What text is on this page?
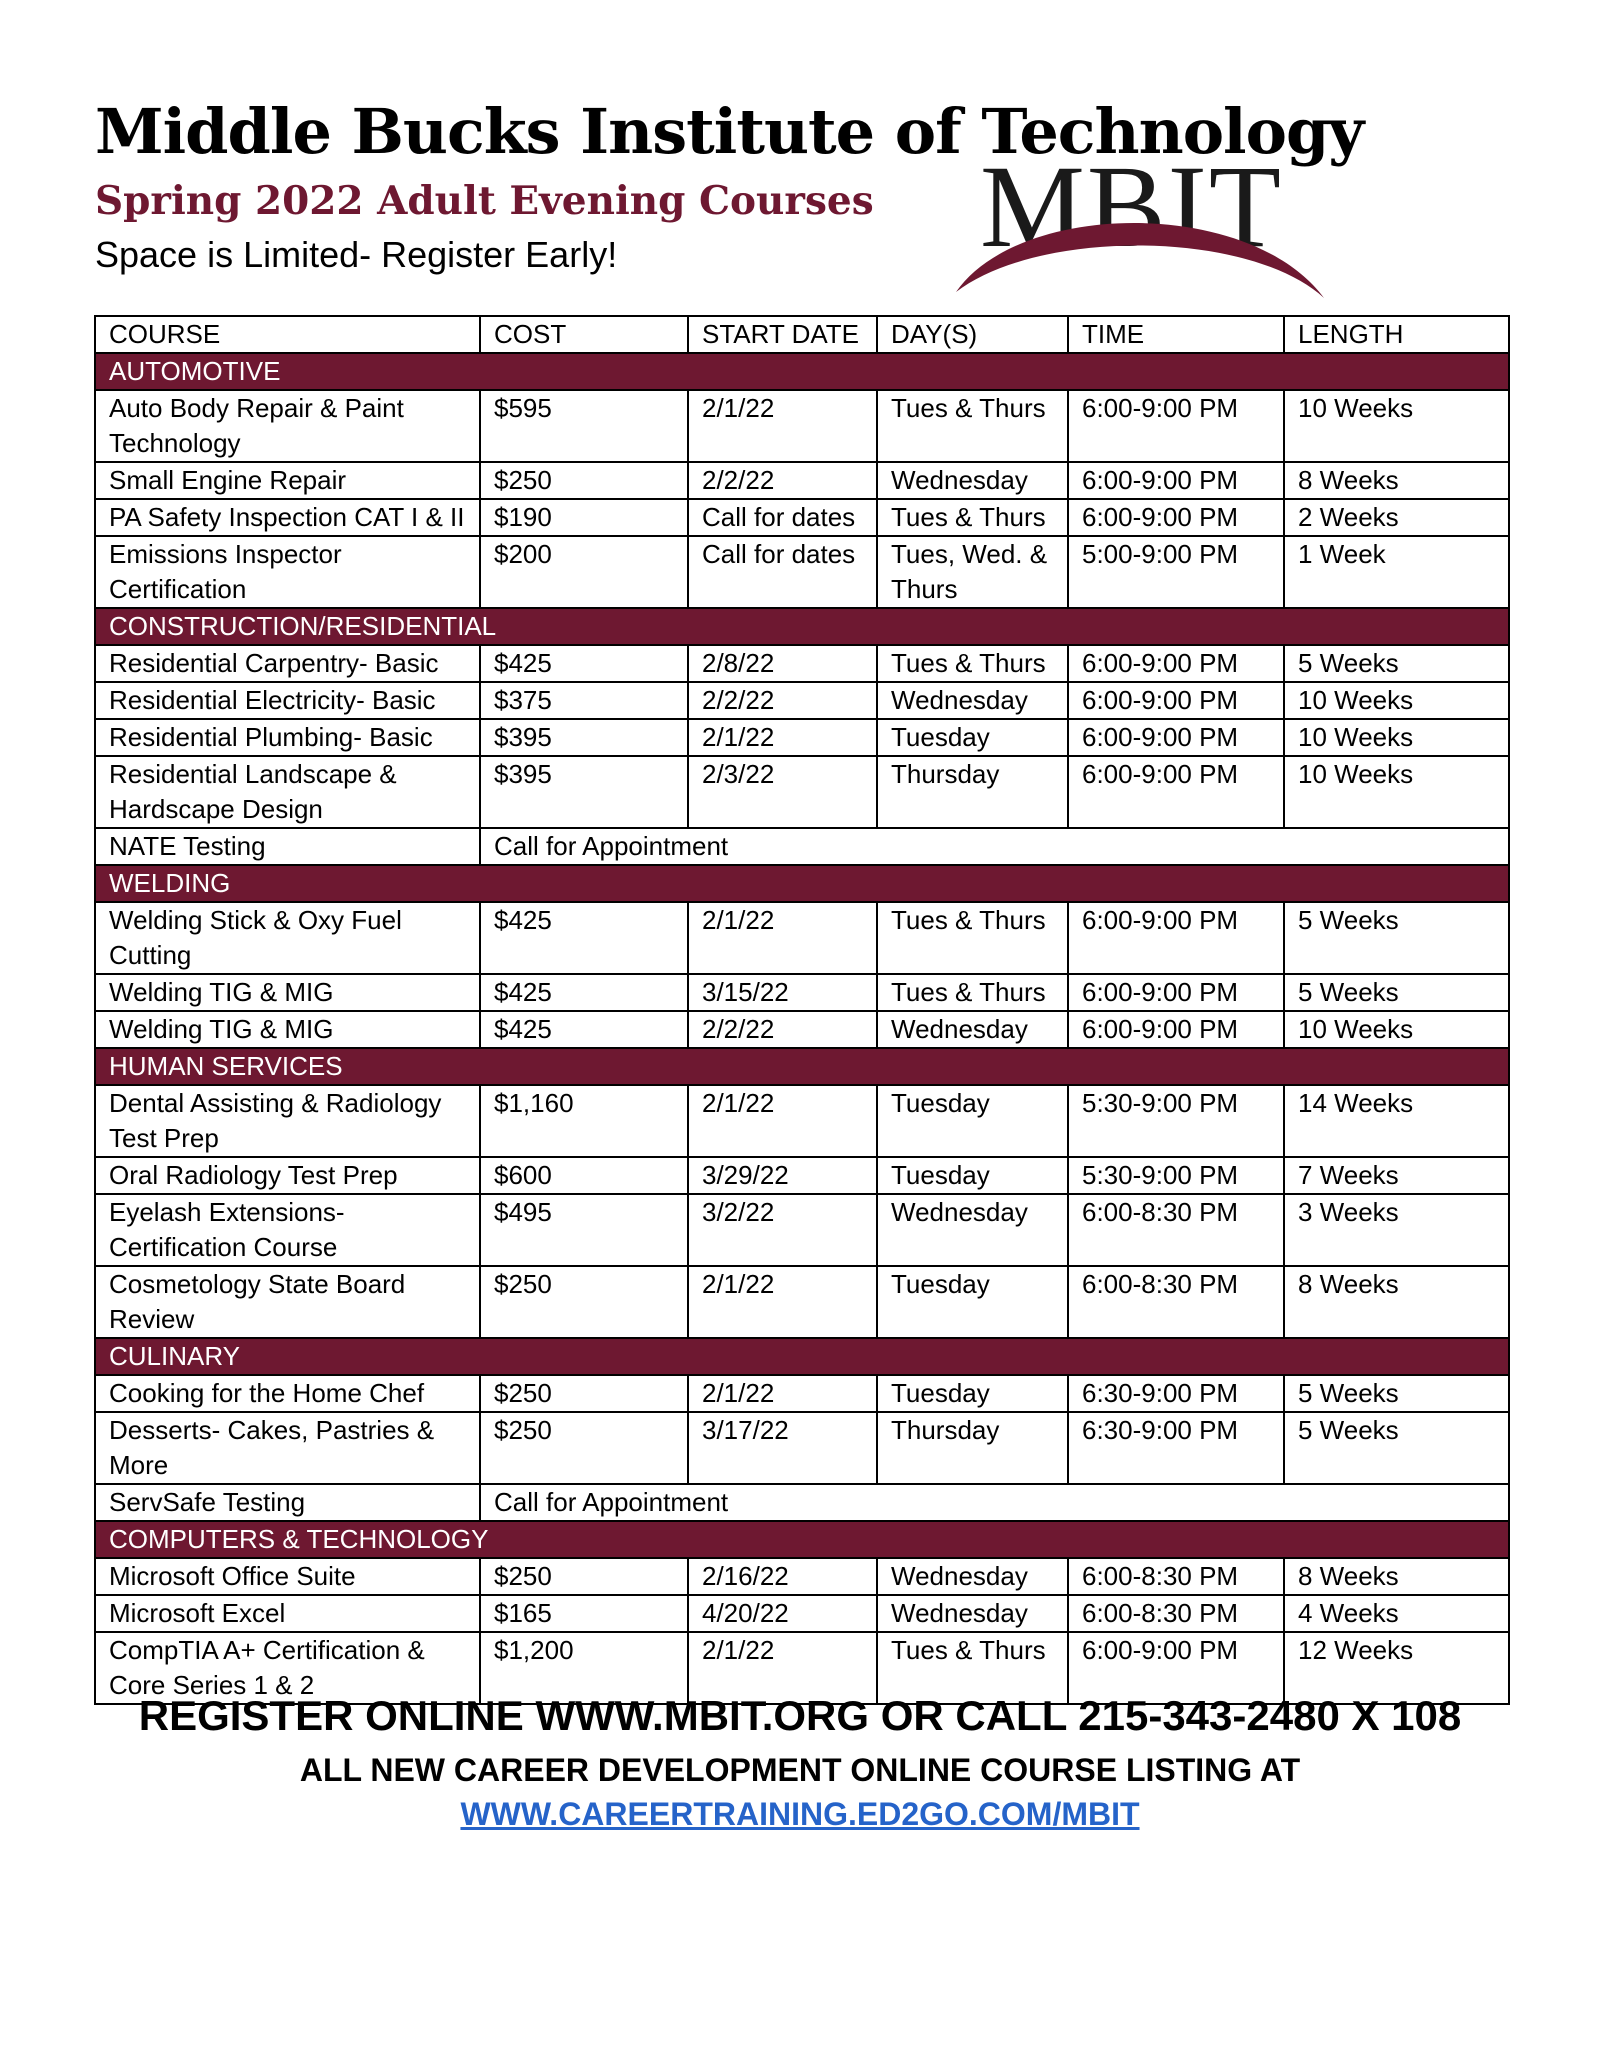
Middle Bucks Institute of Technology
Spring 2022 Adult Evening Courses

Space is Limited- Register Early!	MBIT
COURSE	COST	START DATE	DAY(S)	TIME	LENGTH
AUTOMOTIVE					
Auto Body Repair & Paint Technology	$595	2/1/22	Tues & Thurs	6:00-9:00 PM	10 Weeks
Small Engine Repair	$250	2/2/22	Wednesday	6:00-9:00 PM	8 Weeks
PA Safety Inspection CAT I & II	$190	Call for dates	Tues & Thurs	6:00-9:00 PM	2 Weeks
Emissions Inspector Certification	$200	Call for dates	Tues, Wed. & Thurs	5:00-9:00 PM	1 Week
CONSTRUCTION/RESIDENTIAL					
Residential Carpentry- Basic	$425	2/8/22	Tues & Thurs	6:00-9:00 PM	5 Weeks
Residential Electricity- Basic	$375	2/2/22	Wednesday	6:00-9:00 PM	10 Weeks
Residential Plumbing- Basic	$395	2/1/22	Tuesday	6:00-9:00 PM	10 Weeks
Residential Landscape & Hardscape Design	$395	2/3/22	Thursday	6:00-9:00 PM	10 Weeks
NATE Testing	Call for Appointment				
WELDING					
Welding Stick & Oxy Fuel Cutting	$425	2/1/22	Tues & Thurs	6:00-9:00 PM	5 Weeks
Welding TIG & MIG	$425	3/15/22	Tues & Thurs	6:00-9:00 PM	5 Weeks
Welding TIG & MIG	$425	2/2/22	Wednesday	6:00-9:00 PM	10 Weeks
HUMAN SERVICES					
Dental Assisting & Radiology Test Prep	$1,160	2/1/22	Tuesday	5:30-9:00 PM	14 Weeks
Oral Radiology Test Prep	$600	3/29/22	Tuesday	5:30-9:00 PM	7 Weeks
Eyelash Extensions- Certification Course	$495	3/2/22	Wednesday	6:00-8:30 PM	3 Weeks
Cosmetology State Board Review	$250	2/1/22	Tuesday	6:00-8:30 PM	8 Weeks
CULINARY					
Cooking for the Home Chef	$250	2/1/22	Tuesday	6:30-9:00 PM	5 Weeks
Desserts- Cakes, Pastries & More	$250	3/17/22	Thursday	6:30-9:00 PM	5 Weeks
ServSafe Testing	Call for Appointment				
COMPUTERS & TECHNOLOGY					
Microsoft Office Suite	$250	2/16/22	Wednesday	6:00-8:30 PM	8 Weeks
Microsoft Excel	$165	4/20/22	Wednesday	6:00-8:30 PM	4 Weeks
CompTIA A+ Certification & Core Series 1 & 2	$1,200	2/1/22	Tues & Thurs	6:00-9:00 PM	12 Weeks

REGISTER ONLINE WWW.MBIT.ORG OR CALL 215-343-2480 X 108

ALL NEW CAREER DEVELOPMENT ONLINE COURSE LISTING AT

WWW.CAREERTRAINING.ED2GO.COM/MBIT
